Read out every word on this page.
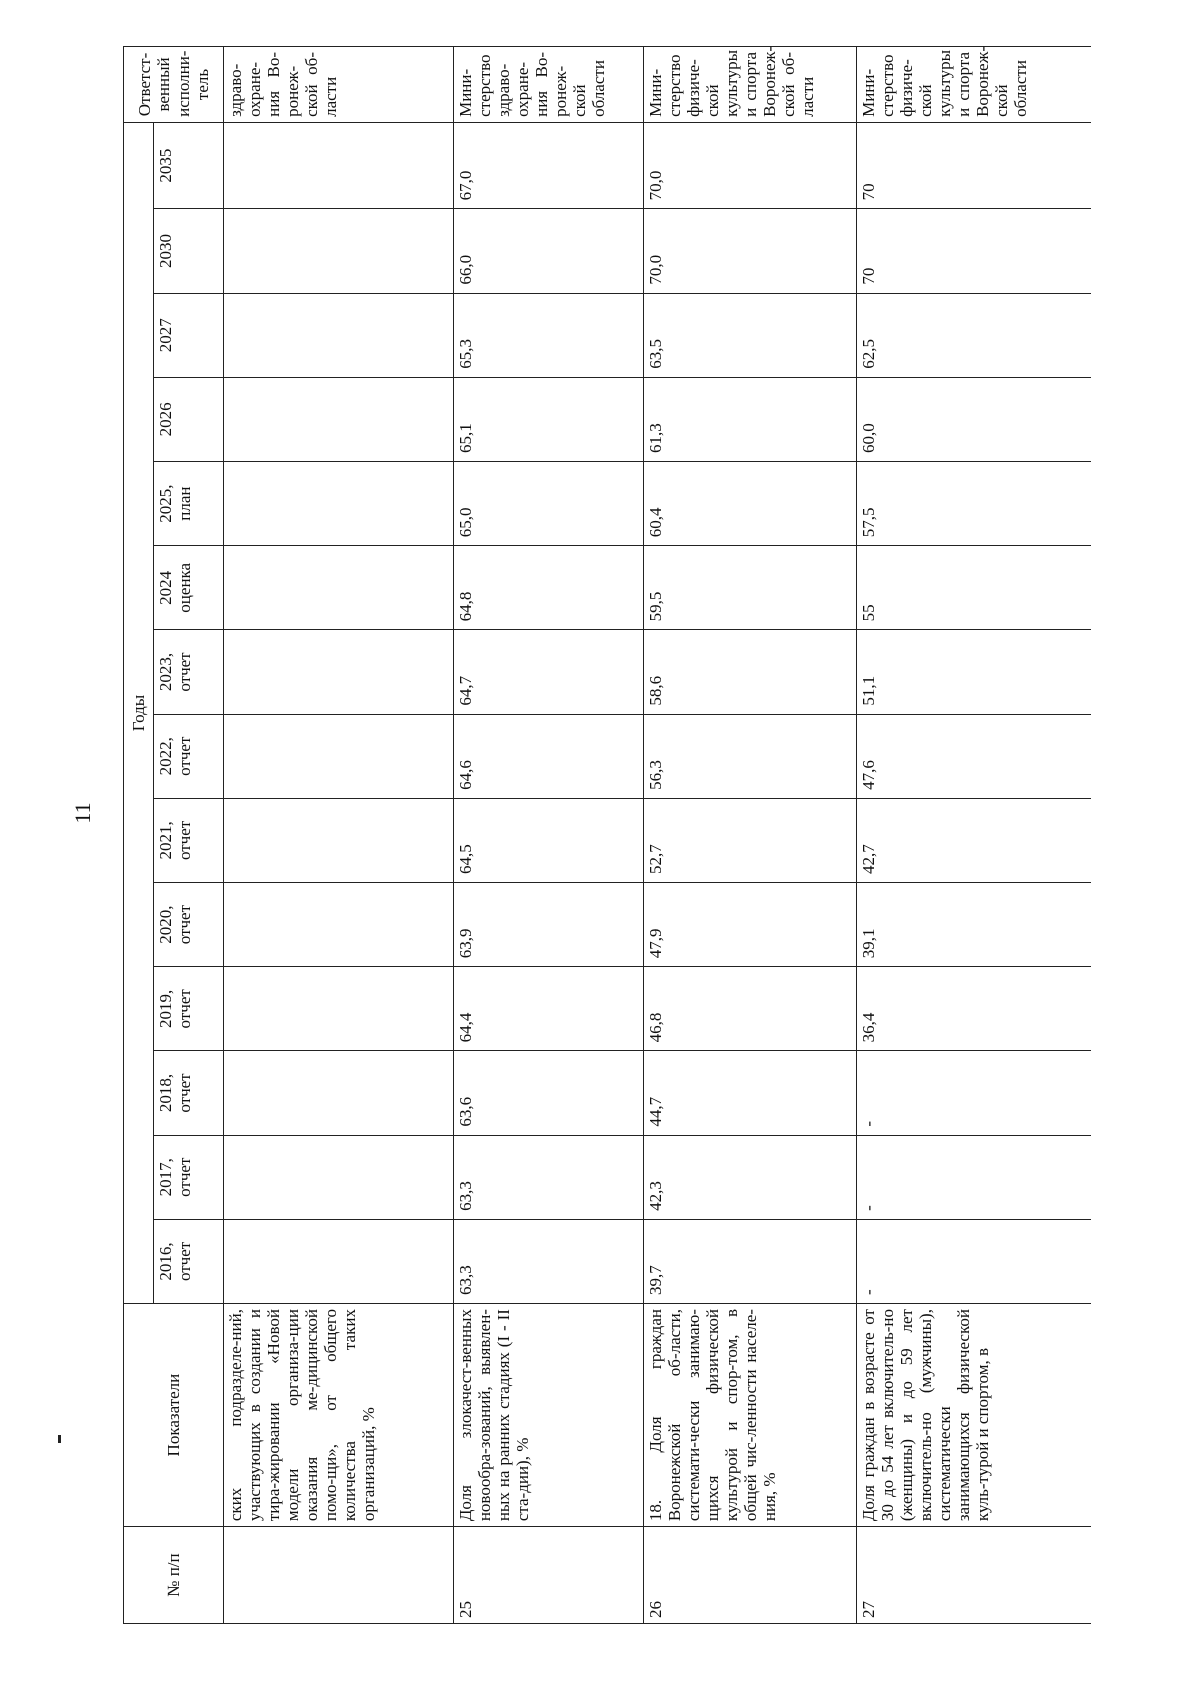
11
№ п/п	Показатели	Годы														Ответст-венный исполни-тель
		2016, отчет	2017, отчет	2018, отчет	2019, отчет	2020, отчет	2021, отчет	2022, отчет	2023, отчет	2024 оценка	2025, план	2026	2027	2030	2035	
	ских подразделе-ний, участвующих в создании и тира-жировании «Новой модели организа-ции оказания ме-дицинской помо-щи», от общего количества таких организаций, %															здраво-охране-ния Во-ронеж-ской об-ласти
25	Доля злокачест-венных новообра-зований, выявлен-ных на ранних стадиях (I - II ста-дии), %	63,3	63,3	63,6	64,4	63,9	64,5	64,6	64,7	64,8	65,0	65,1	65,3	66,0	67,0	Мини-стерство здраво-охране-ния Во-ронеж-ской области
26	18. Доля граждан Воронежской об-ласти, системати-чески занимаю-щихся физической культурой и спор-том, в общей чис-ленности населе-ния, %	39,7	42,3	44,7	46,8	47,9	52,7	56,3	58,6	59,5	60,4	61,3	63,5	70,0	70,0	Мини-стерство физиче-ской культуры и спорта Воронеж-ской об-ласти
27	Доля граждан в возрасте от 30 до 54 лет включитель-но (женщины) и до 59 лет включитель-но (мужчины), систематически занимающихся физической куль-турой и спортом, в	-	-	-	36,4	39,1	42,7	47,6	51,1	55	57,5	60,0	62,5	70	70	Мини-стерство физиче-ской культуры и спорта Воронеж-ской области
